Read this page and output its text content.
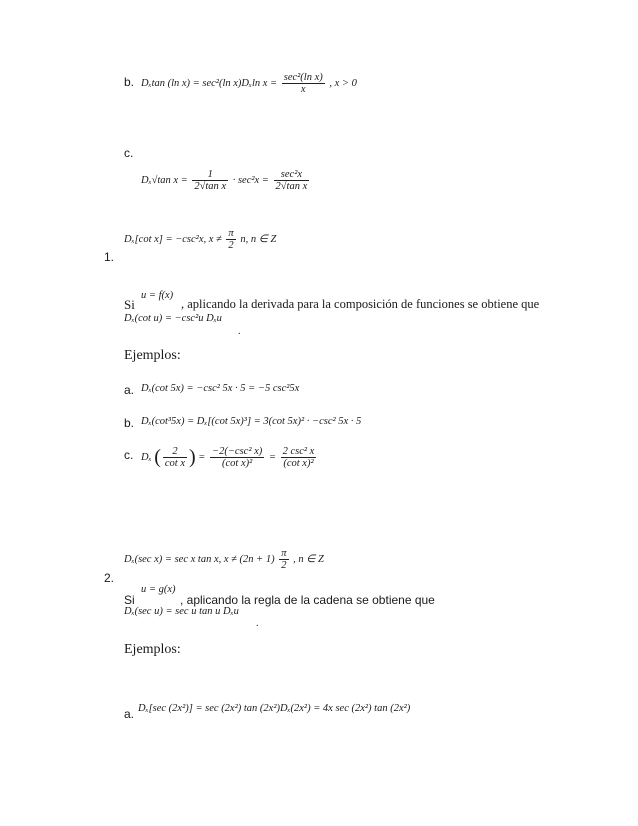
b. Dₓtan (ln x) = sec²(ln x)Dₓln $x = \frac{\text{sec²(ln x)}}{x}$ , x > 0
c.
Dₓ√tan $x = \frac{1}{\text{2√tan x}} \cdot \sec^2x = \frac{\text{sec²x}}{\text{2√tan x}}$
Dₓ[cot x] = −csc²x, $x \ne \frac{\pi}{2} n$, n ∈ Z
1.
u = f(x)
Si	, aplicando la derivada para la composición de funciones se obtiene que
Dₓ(cot u) = −csc²u Dₓu
.
Ejemplos:
a. Dₓ(cot 5x) = −csc² 5x · 5 = −5 csc²5x
b. Dₓ(cot³5x) = Dₓ[(cot 5x)³] = 3(cot 5x)² · −csc² 5x · 5
c. Dₓ ( $\frac{2}{\text{cot x}}$ ) = $\frac{\text{−2(−csc² x)}}{\text{(cot x)²}} = \frac{\text{2 csc² x}}{\text{(cot x)²}}$
Dₓ(sec x) = sec x tan x, $x \ne (2n + 1) \frac{\pi}{2}$ , n ∈ Z
2.
u = g(x)
Si	, aplicando la regla de la cadena se obtiene que
Dₓ(sec u) = sec u tan u Dₓu
.
Ejemplos:
a. Dₓ[sec (2x²)] = sec (2x²) tan (2x²)Dₓ(2x²) = 4x sec (2x²) tan (2x²)
